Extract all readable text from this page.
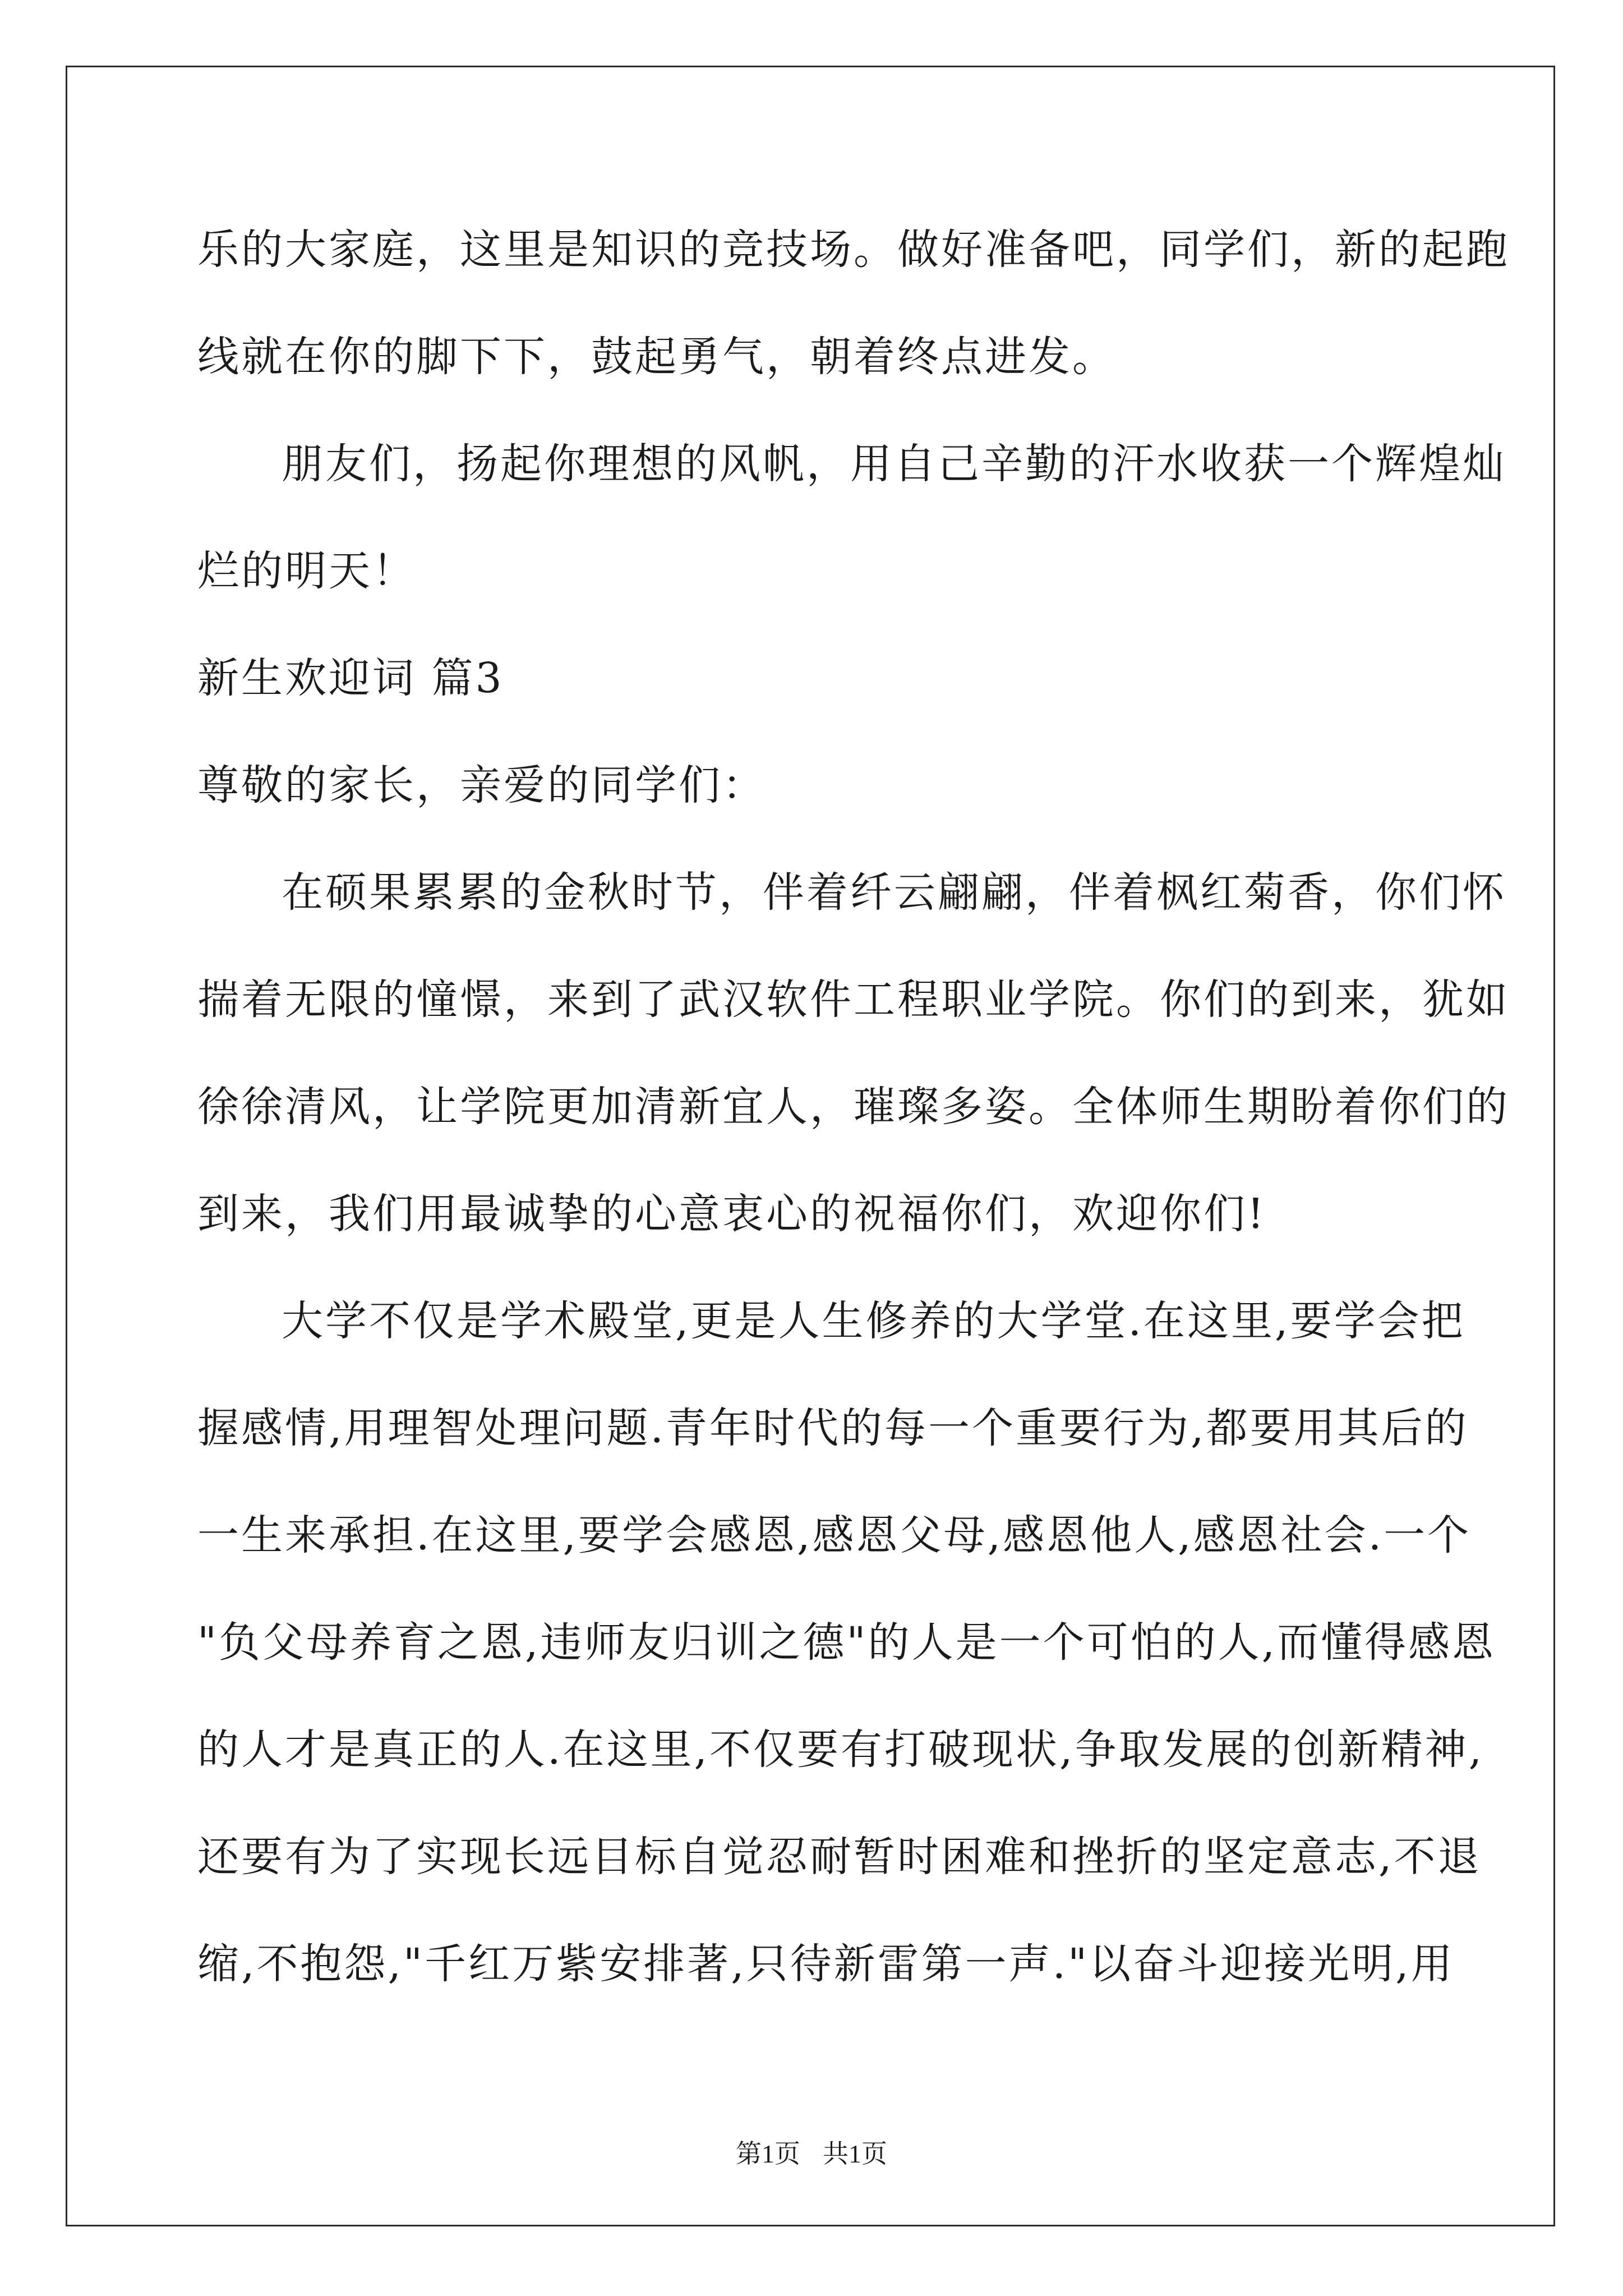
乐的大家庭，这里是知识的竞技场。做好准备吧，同学们，新的起跑
线就在你的脚下下，鼓起勇气，朝着终点进发。
朋友们，扬起你理想的风帆，用自己辛勤的汗水收获一个辉煌灿
烂的明天！
新生欢迎词 篇3
尊敬的家长，亲爱的同学们：
在硕果累累的金秋时节，伴着纤云翩翩，伴着枫红菊香，你们怀
揣着无限的憧憬，来到了武汉软件工程职业学院。你们的到来，犹如
徐徐清风，让学院更加清新宜人，璀璨多姿。全体师生期盼着你们的
到来，我们用最诚挚的心意衷心的祝福你们，欢迎你们!
大学不仅是学术殿堂,更是人生修养的大学堂.在这里,要学会把
握感情,用理智处理问题.青年时代的每一个重要行为,都要用其后的
一生来承担.在这里,要学会感恩,感恩父母,感恩他人,感恩社会.一个
"负父母养育之恩,违师友归训之德"的人是一个可怕的人,而懂得感恩
的人才是真正的人.在这里,不仅要有打破现状,争取发展的创新精神,
还要有为了实现长远目标自觉忍耐暂时困难和挫折的坚定意志,不退
缩,不抱怨,"千红万紫安排著,只待新雷第一声."以奋斗迎接光明,用
第1页 共1页
